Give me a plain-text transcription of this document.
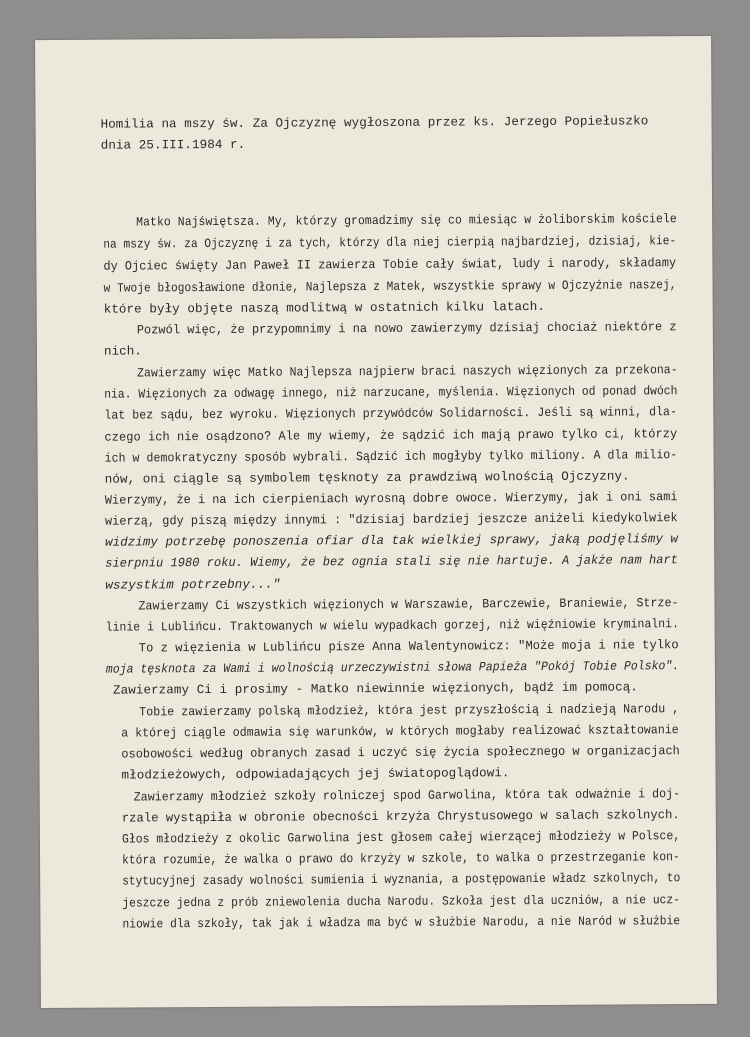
Homilia na mszy św. Za Ojczyznę wygłoszona przez ks. Jerzego Popiełuszko

dnia 25.III.1984 r.

Matko Najświętsza. My, którzy gromadzimy się co miesiąc w żoliborskim kościele

na mszy św. za Ojczyznę i za tych, którzy dla niej cierpią najbardziej, dzisiaj, kie-

dy Ojciec święty Jan Paweł II zawierza Tobie cały świat, ludy i narody, składamy

w Twoje błogosławione dłonie, Najlepsza z Matek, wszystkie sprawy w Ojczyźnie naszej,

które były objęte naszą modlitwą w ostatnich kilku latach.

Pozwól więc, że przypomnimy i na nowo zawierzymy dzisiaj chociaż niektóre z

nich.

Zawierzamy więc Matko Najlepsza najpierw braci naszych więzionych za przekona-

nia. Więzionych za odwagę innego, niż narzucane, myślenia. Więzionych od ponad dwóch

lat bez sądu, bez wyroku. Więzionych przywódców Solidarności. Jeśli są winni, dla-

czego ich nie osądzono? Ale my wiemy, że sądzić ich mają prawo tylko ci, którzy

ich w demokratyczny sposób wybrali. Sądzić ich mogłyby tylko miliony. A dla milio-

nów, oni ciągle są symbolem tęsknoty za prawdziwą wolnością Ojczyzny.

Wierzymy, że i na ich cierpieniach wyrosną dobre owoce. Wierzymy, jak i oni sami

wierzą, gdy piszą między innymi : "dzisiaj bardziej jeszcze aniżeli kiedykolwiek

widzimy potrzebę ponoszenia ofiar dla tak wielkiej sprawy, jaką podjęliśmy w

sierpniu 1980 roku. Wiemy, że bez ognia stali się nie hartuje. A jakże nam hart

wszystkim potrzebny..."

Zawierzamy Ci wszystkich więzionych w Warszawie, Barczewie, Braniewie, Strze-

linie i Lublińcu. Traktowanych w wielu wypadkach gorzej, niż więźniowie kryminalni.

To z więzienia w Lublińcu pisze Anna Walentynowicz: "Może moja i nie tylko

moja tęsknota za Wami i wolnością urzeczywistni słowa Papieża "Pokój Tobie Polsko".

Zawierzamy Ci i prosimy - Matko niewinnie więzionych, bądź im pomocą.

Tobie zawierzamy polską młodzież, która jest przyszłością i nadzieją Narodu ,

a której ciągle odmawia się warunków, w których mogłaby realizować kształtowanie

osobowości według obranych zasad i uczyć się życia społecznego w organizacjach

młodzieżowych, odpowiadających jej światopoglądowi.

Zawierzamy młodzież szkoły rolniczej spod Garwolina, która tak odważnie i doj-

rzale wystąpiła w obronie obecności krzyża Chrystusowego w salach szkolnych.

Głos młodzieży z okolic Garwolina jest głosem całej wierzącej młodzieży w Polsce,

która rozumie, że walka o prawo do krzyży w szkole, to walka o przestrzeganie kon-

stytucyjnej zasady wolności sumienia i wyznania, a postępowanie władz szkolnych, to

jeszcze jedna z prób zniewolenia ducha Narodu. Szkoła jest dla uczniów, a nie ucz-

niowie dla szkoły, tak jak i władza ma być w służbie Narodu, a nie Naród w służbie
